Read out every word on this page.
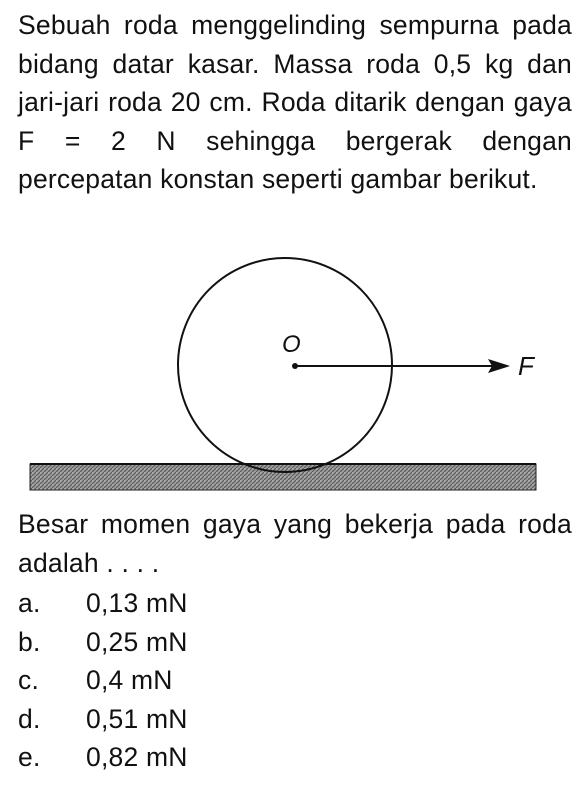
Sebuah roda menggelinding sempurna pada bidang datar kasar. Massa roda 0,5 kg dan jari-jari roda 20 cm. Roda ditarik dengan gaya F = 2 N sehingga bergerak dengan percepatan konstan seperti gambar berikut.
O
F
Besar momen gaya yang bekerja pada roda adalah . . . .
a.	0,13 mN
b.	0,25 mN
c.	0,4 mN
d.	0,51 mN
e.	0,82 mN
